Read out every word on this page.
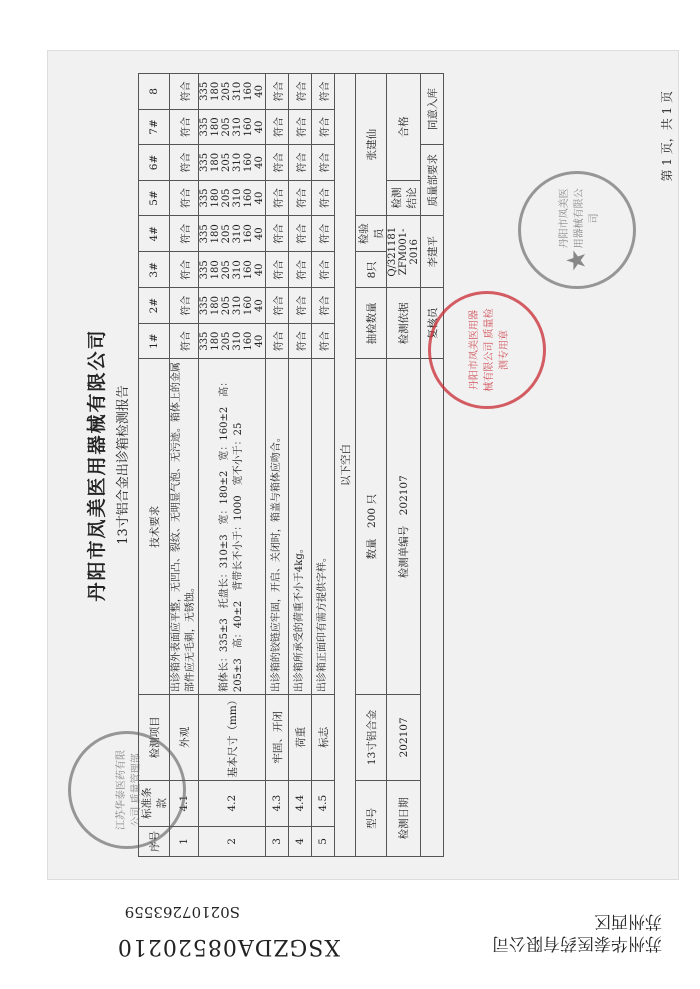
苏州华泰医药有限公司
苏州西区
XSGZDA08520210
S02107263559
丹阳市凤美医用器械有限公司 13寸铝合金出诊箱检测报告
序号	标准条款	检测项目	技术要求	1#	2#	3#	4#	5#	6#	7#	8
1	4.1	外观	出诊箱外表面应平整，无凹凸、裂纹、无明显气泡、无污迹。箱体上的金属部件应无毛刺，无锈蚀。	符合	符合	符合	符合	符合	符合	符合	符合
2	4.2	基本尺寸（mm）	箱体长：335±3　托盘长：310±3　宽：180±2　宽：160±2　高：205±3　高：40±2　背带长不小于：1000　宽不小于：25	335 180 205 310 160 40	335 180 205 310 160 40	335 180 205 310 160 40	335 180 205 310 160 40	335 180 205 310 160 40	335 180 205 310 160 40	335 180 205 310 160 40	335 180 205 310 160 40
3	4.3	牢固、开闭	出诊箱的铰链应牢固，开启、关闭时，箱盖与箱体应吻合。	符合	符合	符合	符合	符合	符合	符合	符合
4	4.4	荷重	出诊箱所承受的荷重不小于4kg。	符合	符合	符合	符合	符合	符合	符合	符合
5	4.5	标志	出诊箱正面印有需方提供字样。	符合	符合	符合	符合	符合	符合	符合	符合
以下空白											
型号		13寸铝合金	数量　200 只	抽检数量		8只	检验员	张建仙			
检测日期		202107	检测单编号　202107	检测依据		Q/321181 ZFM001-2016		检测结论	合格		
				复核员		李建平		质量部要求		同意入库		第 1 页，共 1 页
丹阳市凤美医用器械有限公司 质量检测专用章
★
丹阳市凤美医用器械有限公司
江苏华泰医药有限公司 质量管理部
